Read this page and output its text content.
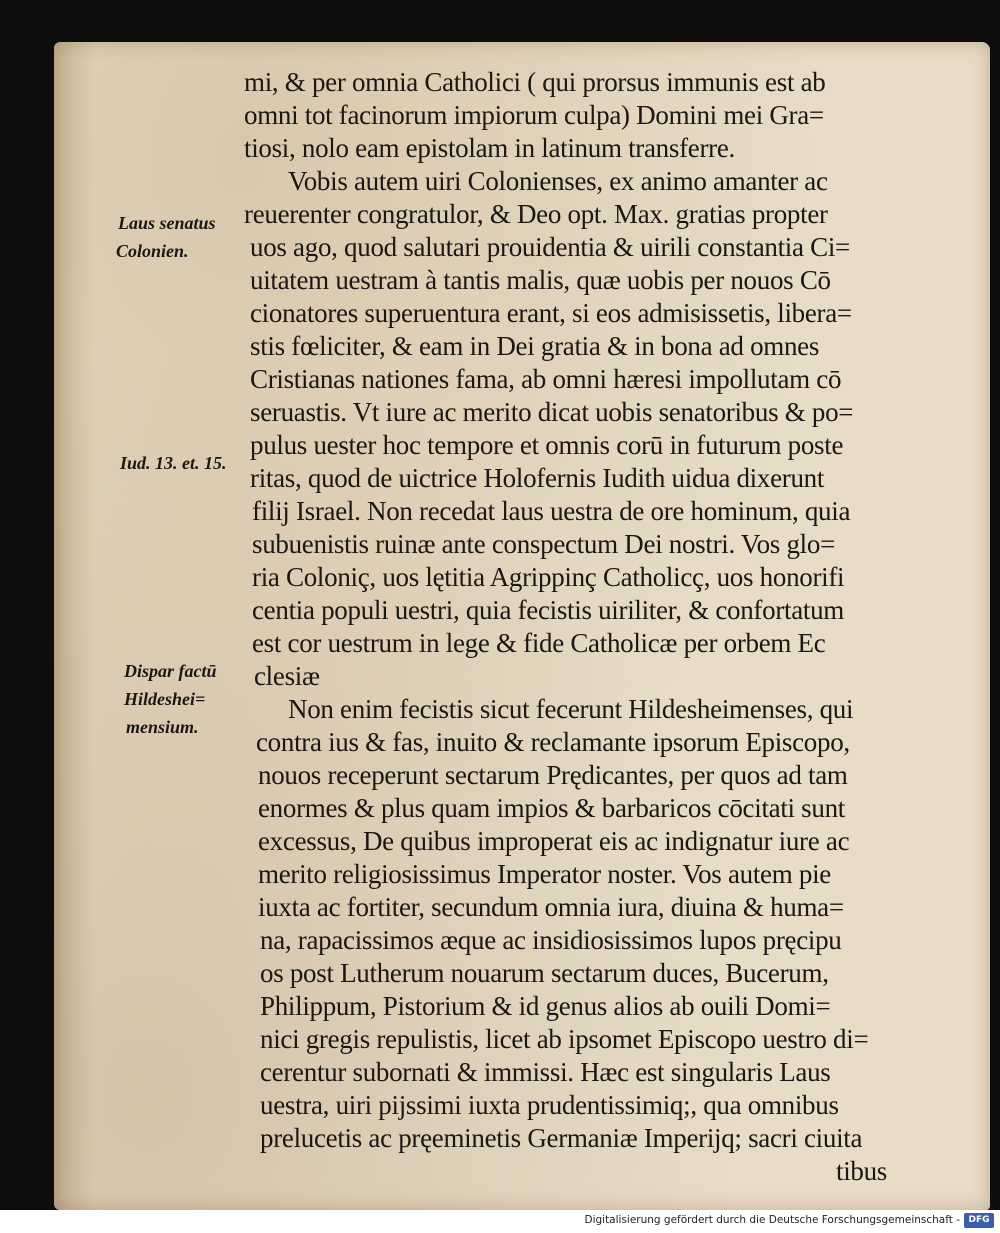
mi, & per omnia Catholici ( qui prorsus immunis est ab
omni tot facinorum impiorum culpa) Domini mei Gra=
tiosi, nolo eam epistolam in latinum transferre.
Vobis autem uiri Colonienses, ex animo amanter ac
reuerenter congratulor, & Deo opt. Max. gratias propter
uos ago, quod salutari prouidentia & uirili constantia Ci=
uitatem uestram à tantis malis, quæ uobis per nouos Cō
cionatores superuentura erant, si eos admisissetis, libera=
stis fœliciter, & eam in Dei gratia & in bona ad omnes
Cristianas nationes fama, ab omni hæresi impollutam cō
seruastis. Vt iure ac merito dicat uobis senatoribus & po=
pulus uester hoc tempore et omnis corū in futurum poste
ritas, quod de uictrice Holofernis Iudith uidua dixerunt
filij Israel. Non recedat laus uestra de ore hominum, quia
subuenistis ruinæ ante conspectum Dei nostri. Vos glo=
ria Coloniç, uos lętitia Agrippinç Catholicç, uos honorifi
centia populi uestri, quia fecistis uiriliter, & confortatum
est cor uestrum in lege & fide Catholicæ per orbem Ec
clesiæ
Non enim fecistis sicut fecerunt Hildesheimenses, qui
contra ius & fas, inuito & reclamante ipsorum Episcopo,
nouos receperunt sectarum Prędicantes, per quos ad tam
enormes & plus quam impios & barbaricos cōcitati sunt
excessus, De quibus improperat eis ac indignatur iure ac
merito religiosissimus Imperator noster. Vos autem pie
iuxta ac fortiter, secundum omnia iura, diuina & huma=
na, rapacissimos æque ac insidiosissimos lupos pręcipu
os post Lutherum nouarum sectarum duces, Bucerum,
Philippum, Pistorium & id genus alios ab ouili Domi=
nici gregis repulistis, licet ab ipsomet Episcopo uestro di=
cerentur subornati & immissi. Hæc est singularis Laus
uestra, uiri pijssimi iuxta prudentissimiq;, qua omnibus
prelucetis ac pręeminetis Germaniæ Imperijq; sacri ciuita
tibus
Laus senatus
Colonien.
Iud. 13. et. 15.
Dispar factū
Hildeshei=
mensium.
Digitalisierung gefördert durch die Deutsche Forschungsgemeinschaft - DFG
